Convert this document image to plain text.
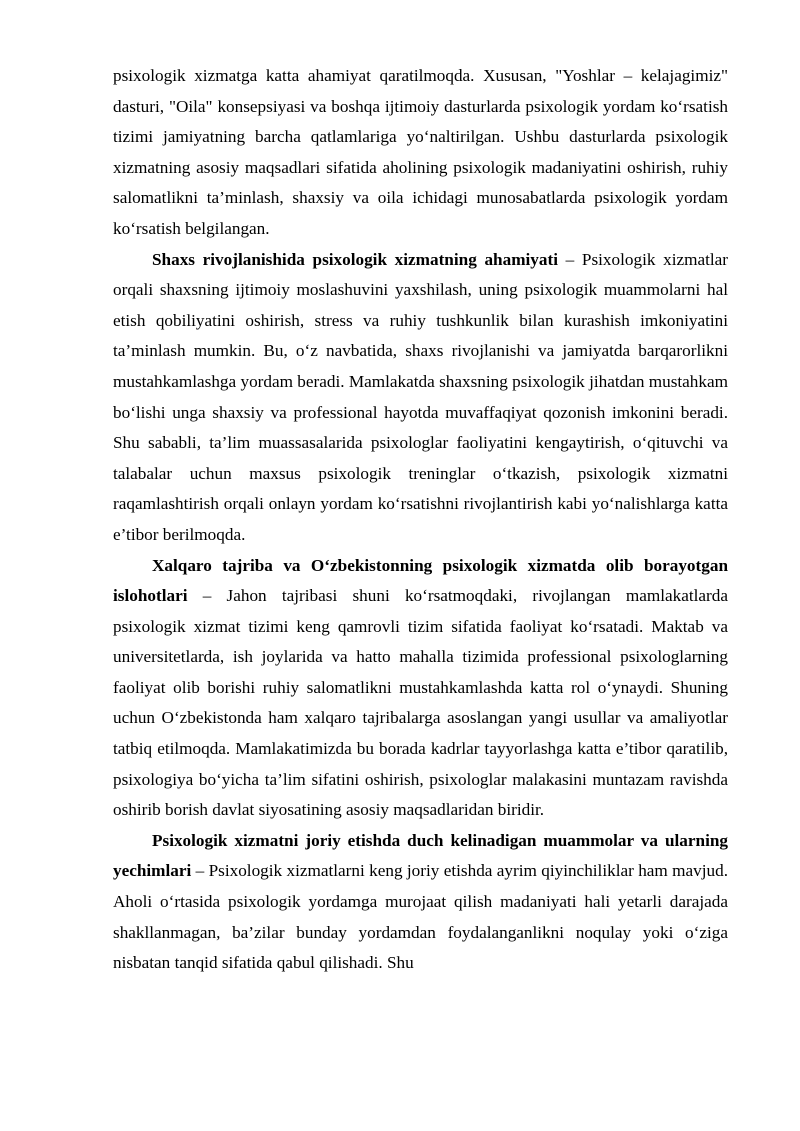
psixologik xizmatga katta ahamiyat qaratilmoqda. Xususan, "Yoshlar – kelajagimiz" dasturi, "Oila" konsepsiyasi va boshqa ijtimoiy dasturlarda psixologik yordam ko‘rsatish tizimi jamiyatning barcha qatlamlariga yo‘naltirilgan. Ushbu dasturlarda psixologik xizmatning asosiy maqsadlari sifatida aholining psixologik madaniyatini oshirish, ruhiy salomatlikni ta’minlash, shaxsiy va oila ichidagi munosabatlarda psixologik yordam ko‘rsatish belgilangan.

Shaxs rivojlanishida psixologik xizmatning ahamiyati – Psixologik xizmatlar orqali shaxsning ijtimoiy moslashuvini yaxshilash, uning psixologik muammolarni hal etish qobiliyatini oshirish, stress va ruhiy tushkunlik bilan kurashish imkoniyatini ta’minlash mumkin. Bu, o‘z navbatida, shaxs rivojlanishi va jamiyatda barqarorlikni mustahkamlashga yordam beradi. Mamlakatda shaxsning psixologik jihatdan mustahkam bo‘lishi unga shaxsiy va professional hayotda muvaffaqiyat qozonish imkonini beradi. Shu sababli, ta’lim muassasalarida psixologlar faoliyatini kengaytirish, o‘qituvchi va talabalar uchun maxsus psixologik treninglar o‘tkazish, psixologik xizmatni raqamlashtirish orqali onlayn yordam ko‘rsatishni rivojlantirish kabi yo‘nalishlarga katta e’tibor berilmoqda.

Xalqaro tajriba va O‘zbekistonning psixologik xizmatda olib borayotgan islohotlari – Jahon tajribasi shuni ko‘rsatmoqdaki, rivojlangan mamlakatlarda psixologik xizmat tizimi keng qamrovli tizim sifatida faoliyat ko‘rsatadi. Maktab va universitetlarda, ish joylarida va hatto mahalla tizimida professional psixologlarning faoliyat olib borishi ruhiy salomatlikni mustahkamlashda katta rol o‘ynaydi. Shuning uchun O‘zbekistonda ham xalqaro tajribalarga asoslangan yangi usullar va amaliyotlar tatbiq etilmoqda. Mamlakatimizda bu borada kadrlar tayyorlashga katta e’tibor qaratilib, psixologiya bo‘yicha ta’lim sifatini oshirish, psixologlar malakasini muntazam ravishda oshirib borish davlat siyosatining asosiy maqsadlaridan biridir.

Psixologik xizmatni joriy etishda duch kelinadigan muammolar va ularning yechimlari – Psixologik xizmatlarni keng joriy etishda ayrim qiyinchiliklar ham mavjud. Aholi o‘rtasida psixologik yordamga murojaat qilish madaniyati hali yetarli darajada shakllanmagan, ba’zilar bunday yordamdan foydalanganlikni noqulay yoki o‘ziga nisbatan tanqid sifatida qabul qilishadi. Shu
